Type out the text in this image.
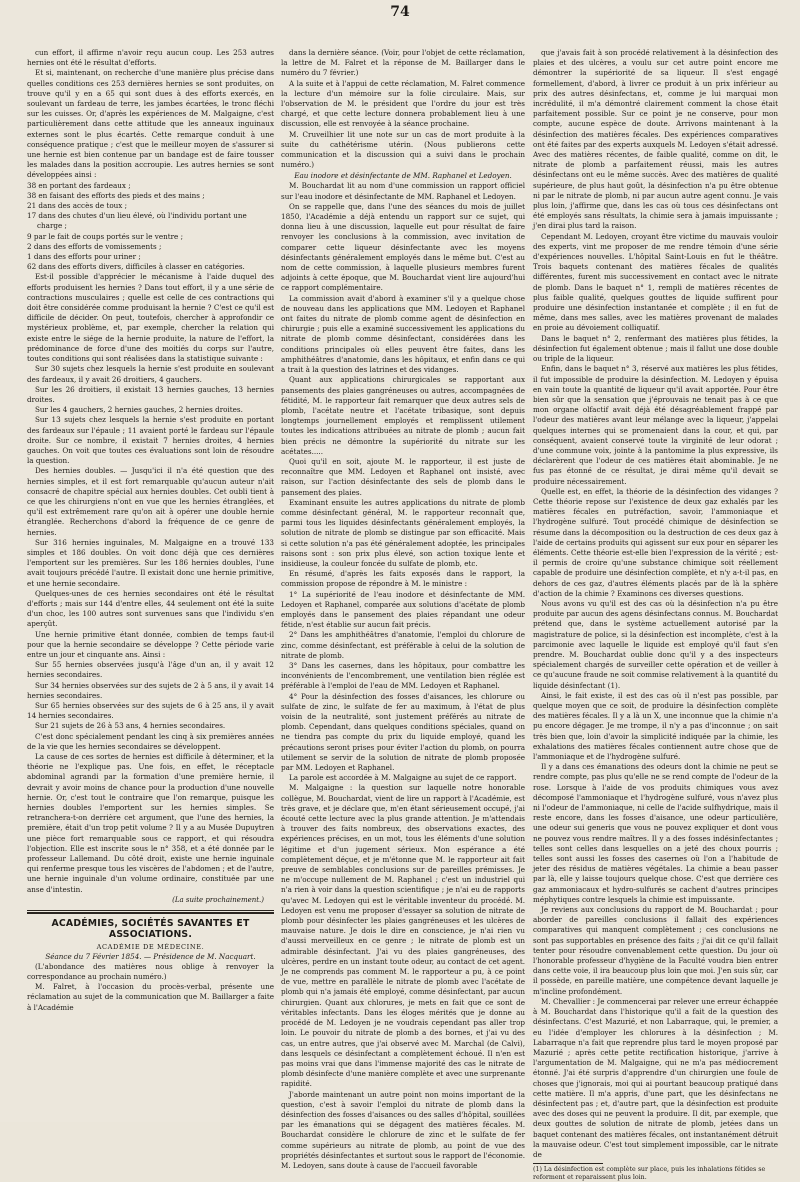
74

cun effort, il affirme n'avoir reçu aucun coup. Les 253 autres hernies ont été le résultat d'efforts.

Et si, maintenant, on recherche d'une manière plus précise dans quelles conditions ces 253 dernières hernies se sont produites, on trouve qu'il y en a 65 qui sont dues à des efforts exercés, en soulevant un fardeau de terre, les jambes écartées, le tronc fléchi sur les cuisses. Or, d'après les expériences de M. Malgaigne, c'est particulièrement dans cette attitude que les anneaux inguinaux externes sont le plus écartés. Cette remarque conduit à une conséquence pratique ; c'est que le meilleur moyen de s'assurer si une hernie est bien contenue par un bandage est de faire tousser les malades dans la position accroupie. Les autres hernies se sont développées ainsi :

38 en portant des fardeaux ;

38 en faisant des efforts des pieds et des mains ;

21 dans des accès de toux ;

17 dans des chutes d'un lieu élevé, où l'individu portant une charge ;

9 par le fait de coups portés sur le ventre ;

2 dans des efforts de vomissements ;

1 dans des efforts pour uriner ;

62 dans des efforts divers, difficiles à classer en catégories.

Est-il possible d'apprécier le mécanisme à l'aide duquel des efforts produisent les hernies ? Dans tout effort, il y a une série de contractions musculaires ; quelle est celle de ces contractions qui doit être considérée comme produisant la hernie ? C'est ce qu'il est difficile de décider. On peut, toutefois, chercher à approfondir ce mystérieux problème, et, par exemple, chercher la relation qui existe entre le siége de la hernie produite, la nature de l'effort, la prédominance de force d'une des moitiés du corps sur l'autre, toutes conditions qui sont réalisées dans la statistique suivante :

Sur 30 sujets chez lesquels la hernie s'est produite en soulevant des fardeaux, il y avait 26 droitiers, 4 gauchers.

Sur les 26 droitiers, il existait 13 hernies gauches, 13 hernies droites.

Sur les 4 gauchers, 2 hernies gauches, 2 hernies droites.

Sur 13 sujets chez lesquels la hernie s'est produite en portant des fardeaux sur l'épaule ; 11 avaient porté le fardeau sur l'épaule droite. Sur ce nombre, il existait 7 hernies droites, 4 hernies gauches. On voit que toutes ces évaluations sont loin de résoudre la question.

Des hernies doubles. — Jusqu'ici il n'a été question que des hernies simples, et il est fort remarquable qu'aucun auteur n'ait consacré de chapitre spécial aux hernies doubles. Cet oubli tient à ce que les chirurgiens n'ont en vue que les hernies étranglées, et qu'il est extrêmement rare qu'on ait à opérer une double hernie étranglée. Recherchons d'abord la fréquence de ce genre de hernies.

Sur 316 hernies inguinales, M. Malgaigne en a trouvé 133 simples et 186 doubles. On voit donc déjà que ces dernières l'emportent sur les premières. Sur les 186 hernies doubles, l'une avait toujours précédé l'autre. Il existait donc une hernie primitive, et une hernie secondaire.

Quelques-unes de ces hernies secondaires ont été le résultat d'efforts ; mais sur 144 d'entre elles, 44 seulement ont été la suite d'un choc, les 100 autres sont survenues sans que l'individu s'en aperçût.

Une hernie primitive étant donnée, combien de temps faut-il pour que la hernie secondaire se développe ? Cette période varie entre un jour et cinquante ans. Ainsi :

Sur 55 hernies observées jusqu'à l'âge d'un an, il y avait 12 hernies secondaires.

Sur 34 hernies observées sur des sujets de 2 à 5 ans, il y avait 14 hernies secondaires.

Sur 65 hernies observées sur des sujets de 6 à 25 ans, il y avait 14 hernies secondaires.

Sur 21 sujets de 26 à 53 ans, 4 hernies secondaires.

C'est donc spécialement pendant les cinq à six premières années de la vie que les hernies secondaires se développent.

La cause de ces sortes de hernies est difficile à déterminer, et la théorie ne l'explique pas. Une fois, en effet, le réceptacle abdominal agrandi par la formation d'une première hernie, il devrait y avoir moins de chance pour la production d'une nouvelle hernie. Or, c'est tout le contraire que l'on remarque, puisque les hernies doubles l'emportent sur les hernies simples. Se retranchera-t-on derrière cet argument, que l'une des hernies, la première, était d'un trop petit volume ? Il y a au Musée Dupuytren une pièce fort remarquable sous ce rapport, et qui résoudra l'objection. Elle est inscrite sous le n° 358, et a été donnée par le professeur Lallemand. Du côté droit, existe une hernie inguinale qui renferme presque tous les viscères de l'abdomen ; et de l'autre, une hernie inguinale d'un volume ordinaire, constituée par une anse d'intestin.

(La suite prochainement.)

ACADÉMIES, SOCIÉTÉS SAVANTES ET ASSOCIATIONS.

ACADÉMIE DE MÉDECINE.

Séance du 7 Février 1854. — Présidence de M. Nacquart.

(L'abondance des matières nous oblige à renvoyer la correspondance au prochain numéro.)

M. Falret, à l'occasion du procès-verbal, présente une réclamation au sujet de la communication que M. Baillarger a faite à l'Académie

dans la dernière séance. (Voir, pour l'objet de cette réclamation, la lettre de M. Falret et la réponse de M. Baillarger dans le numéro du 7 février.)

A la suite et à l'appui de cette réclamation, M. Falret commence la lecture d'un mémoire sur la folie circulaire. Mais, sur l'observation de M. le président que l'ordre du jour est très chargé, et que cette lecture donnera probablement lieu à une discussion, elle est renvoyée à la séance prochaine.

M. Cruveilhier lit une note sur un cas de mort produite à la suite du cathétérisme utérin. (Nous publierons cette communication et la discussion qui a suivi dans le prochain numéro.)

Eau inodore et désinfectante de MM. Raphanel et Ledoyen.

M. Bouchardat lit au nom d'une commission un rapport officiel sur l'eau inodore et désinfectante de MM. Raphanel et Ledoyen.

On se rappelle que, dans l'une des séances du mois de juillet 1850, l'Académie a déjà entendu un rapport sur ce sujet, qui donna lieu à une discussion, laquelle eut pour résultat de faire renvoyer les conclusions à la commission, avec invitation de comparer cette liqueur désinfectante avec les moyens désinfectants généralement employés dans le même but. C'est au nom de cette commission, à laquelle plusieurs membres furent adjoints à cette époque, que M. Bouchardat vient lire aujourd'hui ce rapport complémentaire.

La commission avait d'abord à examiner s'il y a quelque chose de nouveau dans les applications que MM. Ledoyen et Raphanel ont faites du nitrate de plomb comme agent de désinfection en chirurgie ; puis elle a examiné successivement les applications du nitrate de plomb comme désinfectant, considérées dans les conditions principales où elles peuvent être faites, dans les amphithéâtres d'anatomie, dans les hôpitaux, et enfin dans ce qui a trait à la question des latrines et des vidanges.

Quant aux applications chirurgicales se rapportant aux pansements des plaies gangréneuses ou autres, accompagnées de fétidité, M. le rapporteur fait remarquer que deux autres sels de plomb, l'acétate neutre et l'acétate tribasique, sont depuis longtemps journellement employés et remplissent utilement toutes les indications attribuées au nitrate de plomb ; aucun fait bien précis ne démontre la supériorité du nitrate sur les acétates.....

Quoi qu'il en soit, ajoute M. le rapporteur, il est juste de reconnaître que MM. Ledoyen et Raphanel ont insisté, avec raison, sur l'action désinfectante des sels de plomb dans le pansement des plaies.

Examinant ensuite les autres applications du nitrate de plomb comme désinfectant général, M. le rapporteur reconnaît que, parmi tous les liquides désinfectants généralement employés, la solution de nitrate de plomb se distingue par son efficacité. Mais si cette solution n'a pas été généralement adoptée, les principales raisons sont : son prix plus élevé, son action toxique lente et insidieuse, la couleur foncée du sulfate de plomb, etc.

En résumé, d'après les faits exposés dans le rapport, la commission propose de répondre à M. le ministre :

1° La supériorité de l'eau inodore et désinfectante de MM. Ledoyen et Raphanel, comparée aux solutions d'acétate de plomb employés dans le pansement des plaies répandant une odeur fétide, n'est établie sur aucun fait précis.

2° Dans les amphithéâtres d'anatomie, l'emploi du chlorure de zinc, comme désinfectant, est préférable à celui de la solution de nitrate de plomb.

3° Dans les casernes, dans les hôpitaux, pour combattre les inconvénients de l'encombrement, une ventilation bien réglée est préférable à l'emploi de l'eau de MM. Ledoyen et Raphanel.

4° Pour la désinfection des fosses d'aisances, les chlorure ou sulfate de zinc, le sulfate de fer au maximum, à l'état de plus voisin de la neutralité, sont justement préférés au nitrate de plomb. Cependant, dans quelques conditions spéciales, quand on ne tiendra pas compte du prix du liquide employé, quand les précautions seront prises pour éviter l'action du plomb, on pourra utilement se servir de la solution de nitrate de plomb proposée par MM. Ledoyen et Raphanel.

La parole est accordée à M. Malgaigne au sujet de ce rapport.

M. Malgaigne : la question sur laquelle notre honorable collègue, M. Bouchardat, vient de lire un rapport à l'Académie, est très grave, et je déclare que, m'en étant sérieusement occupé, j'ai écouté cette lecture avec la plus grande attention. Je m'attendais à trouver des faits nombreux, des observations exactes, des expériences précises, en un mot, tous les éléments d'une solution légitime et d'un jugement sérieux. Mon espérance a été complètement déçue, et je m'étonne que M. le rapporteur ait fait preuve de semblables conclusions sur de pareilles prémisses. Je ne m'occupe nullement de M. Raphanel ; c'est un industriel qui n'a rien à voir dans la question scientifique ; je n'ai eu de rapports qu'avec M. Ledoyen qui est le véritable inventeur du procédé. M. Ledoyen est venu me proposer d'essayer sa solution de nitrate de plomb pour désinfecter les plaies gangréneuses et les ulcères de mauvaise nature. Je dois le dire en conscience, je n'ai rien vu d'aussi merveilleux en ce genre ; le nitrate de plomb est un admirable désinfectant. J'ai vu des plaies gangréneuses, des ulcères, perdre en un instant toute odeur, au contact de cet agent. Je ne comprends pas comment M. le rapporteur a pu, à ce point de vue, mettre en parallèle le nitrate de plomb avec l'acétate de plomb qui n'a jamais été employé, comme désinfectant, par aucun chirurgien. Quant aux chlorures, je mets en fait que ce sont de véritables infectants. Dans les éloges mérités que je donne au procédé de M. Ledoyen je ne voudrais cependant pas aller trop loin. Le pouvoir du nitrate de plomb a des bornes, et j'ai vu des cas, un entre autres, que j'ai observé avec M. Marchal (de Calvi), dans lesquels ce désinfectant a complètement échoué. Il n'en est pas moins vrai que dans l'immense majorité des cas le nitrate de plomb désinfecte d'une manière complète et avec une surprenante rapidité.

J'aborde maintenant un autre point non moins important de la question, c'est à savoir l'emploi du nitrate de plomb dans la désinfection des fosses d'aisances ou des salles d'hôpital, souillées par les émanations qui se dégagent des matières fécales. M. Bouchardat considère le chlorure de zinc et le sulfate de fer comme supérieurs au nitrate de plomb, au point de vue des propriétés désinfectantes et surtout sous le rapport de l'économie. M. Ledoyen, sans doute à cause de l'accueil favorable

que j'avais fait à son procédé relativement à la désinfection des plaies et des ulcères, a voulu sur cet autre point encore me démontrer la supériorité de sa liqueur. Il s'est engagé formellement, d'abord, à livrer ce produit à un prix inférieur au prix des autres désinfectans, et, comme je lui marquai mon incrédulité, il m'a démontré clairement comment la chose était parfaitement possible. Sur ce point je ne conserve, pour mon compte, aucune espèce de doute. Arrivons maintenant à la désinfection des matières fécales. Des expériences comparatives ont été faites par des experts auxquels M. Ledoyen s'était adressé. Avec des matières récentes, de faible qualité, comme on dit, le nitrate de plomb a parfaitement réussi, mais les autres désinfectans ont eu le même succès. Avec des matières de qualité supérieure, de plus haut goût, la désinfection n'a pu être obtenue ni par le nitrate de plomb, ni par aucun autre agent connu. Je vais plus loin, j'affirme que, dans les cas où tous ces désinfectans ont été employés sans résultats, la chimie sera à jamais impuissante ; j'en dirai plus tard la raison.

Cependant M. Ledoyen, croyant être victime du mauvais vouloir des experts, vint me proposer de me rendre témoin d'une série d'expériences nouvelles. L'hôpital Saint-Louis en fut le théâtre. Trois baquets contenant des matières fécales de qualités différentes, furent mis successivement en contact avec le nitrate de plomb. Dans le baquet n° 1, rempli de matières récentes de plus faible qualité, quelques gouttes de liquide suffirent pour produire une désinfection instantanée et complète ; il en fut de même, dans mes salles, avec les matières provenant de malades en proie au dévoiement colliquatif.

Dans le baquet n° 2, renfermant des matières plus fétides, la désinfection fut également obtenue ; mais il fallut une dose double ou triple de la liqueur.

Enfin, dans le baquet n° 3, réservé aux matières les plus fétides, il fut impossible de produire la désinfection. M. Ledoyen y épuisa en vain toute la quantité de liqueur qu'il avait apportée. Pour être bien sûr que la sensation que j'éprouvais ne tenait pas à ce que mon organe olfactif avait déjà été désagréablement frappé par l'odeur des matières avant leur mélange avec la liqueur, j'appelai quelques internes qui se promenaient dans la cour, et qui, par conséquent, avaient conservé toute la virginité de leur odorat ; d'une commune voix, jointe à la pantomime la plus expressive, ils déclarèrent que l'odeur de ces matières était abominable. Je ne fus pas étonné de ce résultat, je dirai même qu'il devait se produire nécessairement.

Quelle est, en effet, la théorie de la désinfection des vidanges ? Cette théorie repose sur l'existence de deux gaz exhalés par les matières fécales en putréfaction, savoir, l'ammoniaque et l'hydrogène sulfuré. Tout procédé chimique de désinfection se résume dans la décomposition ou la destruction de ces deux gaz à l'aide de certains produits qui agissent sur eux pour en séparer les éléments. Cette théorie est-elle bien l'expression de la vérité ; est-il permis de croire qu'une substance chimique soit réellement capable de produire une désinfection complète, et n'y a-t-il pas, en dehors de ces gaz, d'autres éléments placés par de là la sphère d'action de la chimie ? Examinons ces diverses questions.

Nous avons vu qu'il est des cas où la désinfection n'a pu être produite par aucun des agens désinfectans connus. M. Bouchardat prétend que, dans le système actuellement autorisé par la magistrature de police, si la désinfection est incomplète, c'est à la parcimonie avec laquelle le liquide est employé qu'il faut s'en prendre. M. Bouchardat oublie donc qu'il y a des inspecteurs spécialement chargés de surveiller cette opération et de veiller à ce qu'aucune fraude ne soit commise relativement à la quantité du liquide désinfectant (1).

Ainsi, le fait existe, il est des cas où il n'est pas possible, par quelque moyen que ce soit, de produire la désinfection complète des matières fécales. Il y a là un X, une inconnue que la chimie n'a pu encore dégager. Je me trompe, il n'y a pas d'inconnue ; on sait très bien que, loin d'avoir la simplicité indiquée par la chimie, les exhalations des matières fécales contiennent autre chose que de l'ammoniaque et de l'hydrogène sulfuré.

Il y a dans ces émanations des odeurs dont la chimie ne peut se rendre compte, pas plus qu'elle ne se rend compte de l'odeur de la rose. Lorsque à l'aide de vos produits chimiques vous avez décomposé l'ammoniaque et l'hydrogène sulfuré, vous n'avez plus ni l'odeur de l'ammoniaque, ni celle de l'acide sulfhydrique, mais il reste encore, dans les fosses d'aisance, une odeur particulière, une odeur sui generis que vous ne pouvez expliquer et dont vous ne pouvez vous rendre maîtres. Il y a des fosses indésinfectantes ; telles sont celles dans lesquelles on a jeté des choux pourris ; telles sont aussi les fosses des casernes où l'on a l'habitude de jeter des résidus de matières végétales. La chimie a beau passer par là, elle y laisse toujours quelque chose. C'est que derrière ces gaz ammoniacaux et hydro-sulfurés se cachent d'autres principes méphytiques contre lesquels la chimie est impuissante.

Je reviens aux conclusions du rapport de M. Bouchardat ; pour aborder de pareilles conclusions il fallait des expériences comparatives qui manquent complètement ; ces conclusions ne sont pas supportables en présence des faits ; j'ai dit ce qu'il fallait tenter pour résoudre convenablement cette question. Du jour où l'honorable professeur d'hygiène de la Faculté voudra bien entrer dans cette voie, il ira beaucoup plus loin que moi. J'en suis sûr, car il possède, en pareille matière, une compétence devant laquelle je m'incline profondément.

M. Chevallier : Je commencerai par relever une erreur échappée à M. Bouchardat dans l'historique qu'il a fait de la question des désinfectans. C'est Mazurié, et non Labarraque, qui, le premier, a eu l'idée d'employer les chlorures à la désinfection ; M. Labarraque n'a fait que reprendre plus tard le moyen proposé par Mazurié ; après cette petite rectification historique, j'arrive à l'argumentation de M. Malgaigne, qui ne m'a pas médiocrement étonné. J'ai été surpris d'apprendre d'un chirurgien une foule de choses que j'ignorais, moi qui ai pourtant beaucoup pratiqué dans cette matière. Il m'a appris, d'une part, que les désinfectans ne désinfectent pas ; et, d'autre part, que la désinfection est produite avec des doses qui ne peuvent la produire. Il dit, par exemple, que deux gouttes de solution de nitrate de plomb, jetées dans un baquet contenant des matières fécales, ont instantanément détruit la mauvaise odeur. C'est tout simplement impossible, car le nitrate de

(1) La désinfection est complète sur place, puis les inhalations fétides se reforment et reparaissent plus loin.
